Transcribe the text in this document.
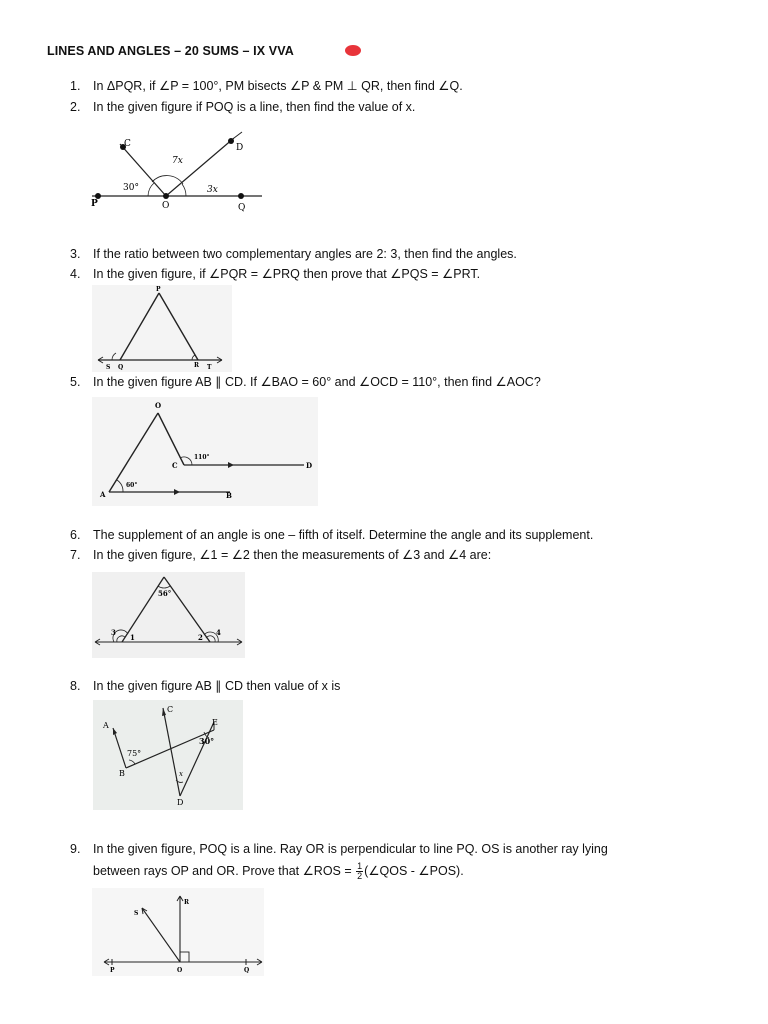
LINES AND ANGLES – 20 SUMS – IX VVA
1. In ΔPQR, if ∠P = 100°, PM bisects ∠P & PM ⊥ QR, then find ∠Q.
2. In the given figure if POQ is a line, then find the value of x.
C	D
P	O	Q
30°
7x
3x
3. If the ratio between two complementary angles are 2: 3, then find the angles.
4. In the given figure, if ∠PQR = ∠PRQ then prove that ∠PQS = ∠PRT.
P
S Q	R T
5. In the given figure AB ∥ CD. If ∠BAO = 60° and ∠OCD = 110°, then find ∠AOC?
O
C	D
A	B
110°
60°
6. The supplement of an angle is one – fifth of itself. Determine the angle and its supplement.
7. In the given figure, ∠1 = ∠2 then the measurements of ∠3 and ∠4 are:
56°
1	2
3	4
8. In the given figure AB ∥ CD then value of x is
A
B
C
D
E
75°
30°
x
9. In the given figure, POQ is a line. Ray OR is perpendicular to line PQ. OS is another ray lying
between rays OP and OR. Prove that ∠ROS = $\frac{1}{2}$ (∠QOS - ∠POS).
S
R
P	O	Q
